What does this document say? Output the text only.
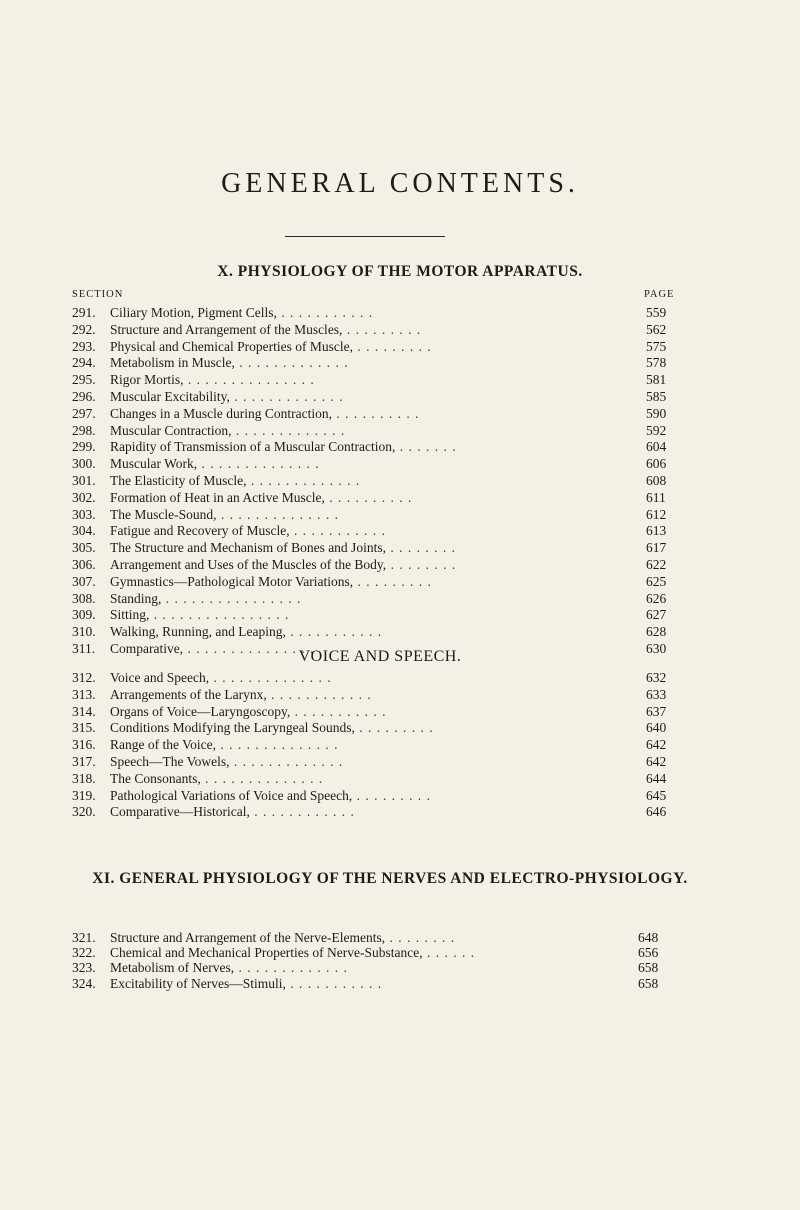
GENERAL CONTENTS.
X. PHYSIOLOGY OF THE MOTOR APPARATUS.
SECTION	PAGE
291. Ciliary Motion, Pigment Cells, . . . . . . . . . . .	559
292. Structure and Arrangement of the Muscles, . . . . . . . . .	562
293. Physical and Chemical Properties of Muscle, . . . . . . . . .	575
294. Metabolism in Muscle, . . . . . . . . . . . . .	578
295. Rigor Mortis, . . . . . . . . . . . . . . .	581
296. Muscular Excitability, . . . . . . . . . . . . .	585
297. Changes in a Muscle during Contraction, . . . . . . . . . .	590
298. Muscular Contraction, . . . . . . . . . . . . .	592
299. Rapidity of Transmission of a Muscular Contraction, . . . . . . .	604
300. Muscular Work, . . . . . . . . . . . . . .	606
301. The Elasticity of Muscle, . . . . . . . . . . . . .	608
302. Formation of Heat in an Active Muscle, . . . . . . . . . .	611
303. The Muscle-Sound, . . . . . . . . . . . . . .	612
304. Fatigue and Recovery of Muscle, . . . . . . . . . . .	613
305. The Structure and Mechanism of Bones and Joints, . . . . . . . .	617
306. Arrangement and Uses of the Muscles of the Body, . . . . . . . .	622
307. Gymnastics—Pathological Motor Variations, . . . . . . . . .	625
308. Standing, . . . . . . . . . . . . . . . .	626
309. Sitting, . . . . . . . . . . . . . . . .	627
310. Walking, Running, and Leaping, . . . . . . . . . . .	628
311. Comparative, . . . . . . . . . . . . . . .	630
VOICE AND SPEECH.
312. Voice and Speech, . . . . . . . . . . . . . .	632
313. Arrangements of the Larynx, . . . . . . . . . . . .	633
314. Organs of Voice—Laryngoscopy, . . . . . . . . . . .	637
315. Conditions Modifying the Laryngeal Sounds, . . . . . . . . .	640
316. Range of the Voice, . . . . . . . . . . . . . .	642
317. Speech—The Vowels, . . . . . . . . . . . . .	642
318. The Consonants, . . . . . . . . . . . . . .	644
319. Pathological Variations of Voice and Speech, . . . . . . . . .	645
320. Comparative—Historical, . . . . . . . . . . . .	646
XI. GENERAL PHYSIOLOGY OF THE NERVES AND ELECTRO-PHYSIOLOGY.
321. Structure and Arrangement of the Nerve-Elements, . . . . . . . .	648
322. Chemical and Mechanical Properties of Nerve-Substance, . . . . . .	656
323. Metabolism of Nerves, . . . . . . . . . . . . .	658
324. Excitability of Nerves—Stimuli, . . . . . . . . . . .	658
